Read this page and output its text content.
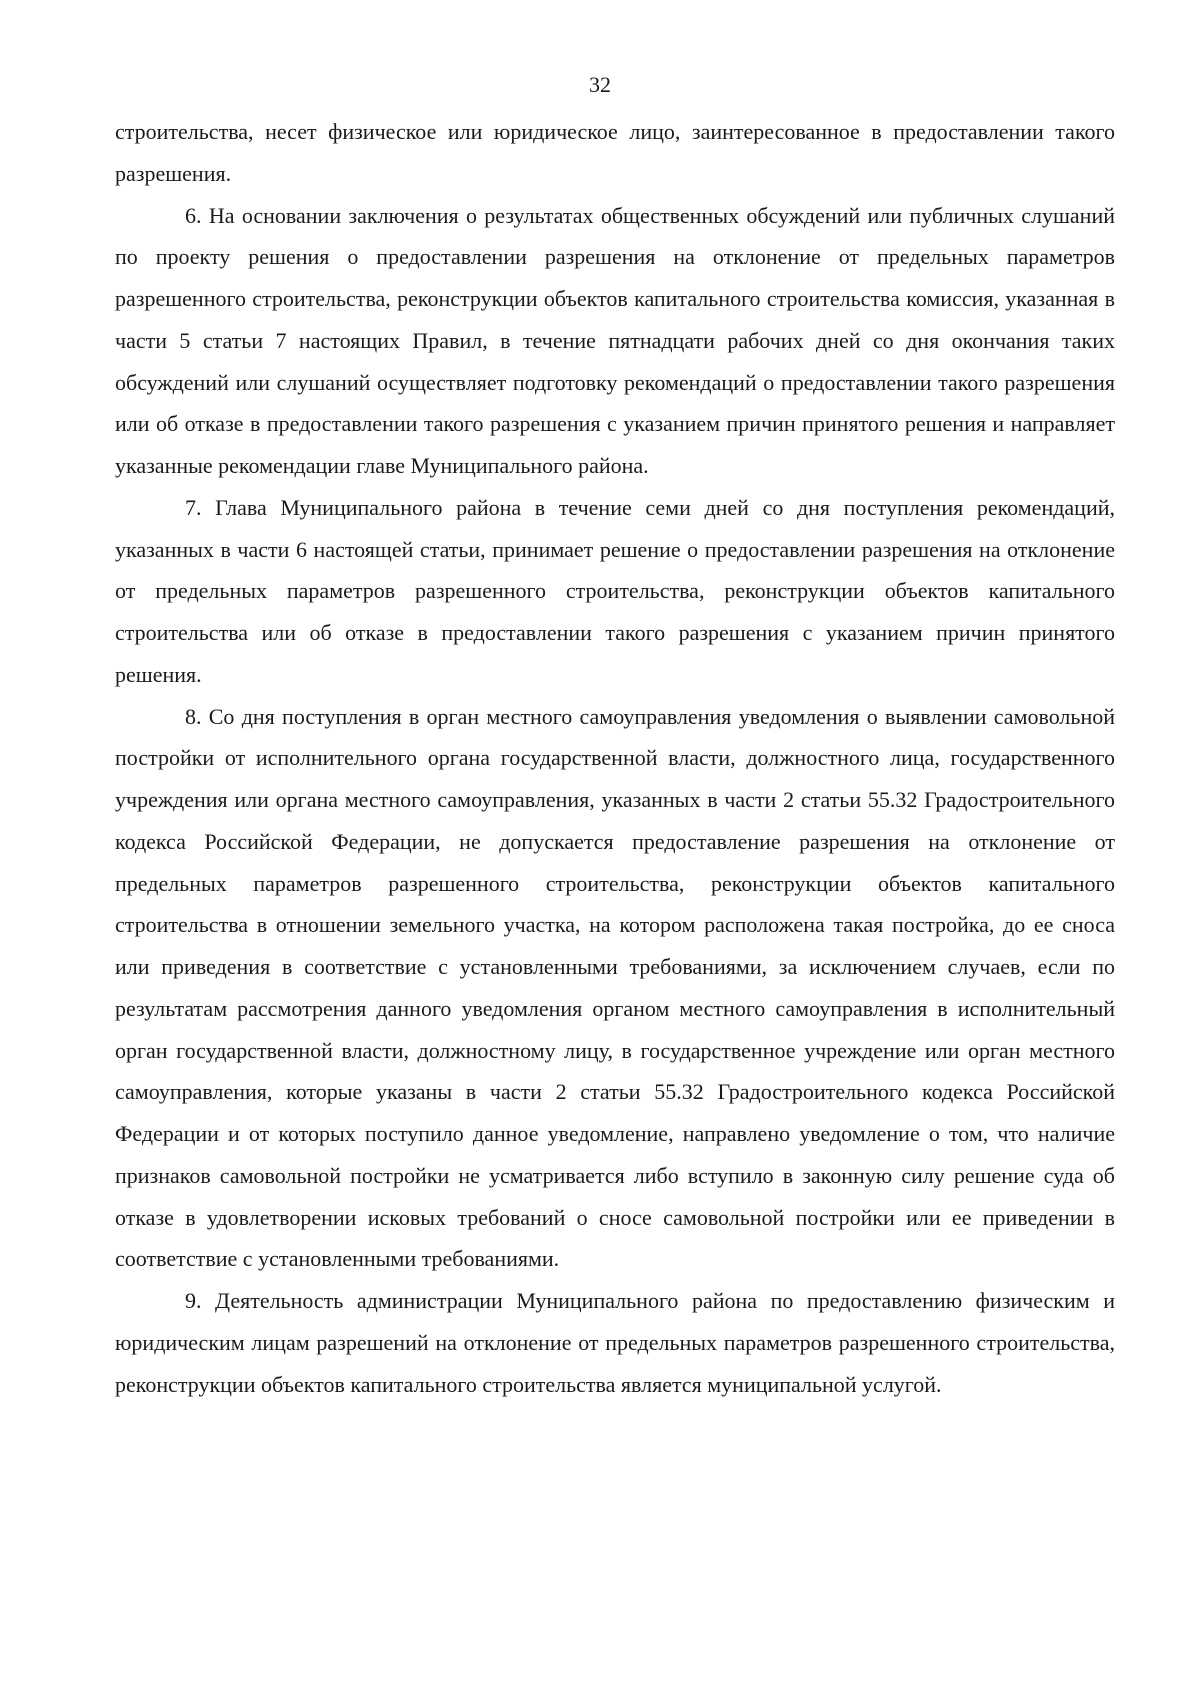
32

строительства, несет физическое или юридическое лицо, заинтересованное в предоставлении такого разрешения.

6. На основании заключения о результатах общественных обсуждений или публичных слушаний по проекту решения о предоставлении разрешения на отклонение от предельных параметров разрешенного строительства, реконструкции объектов капитального строительства комиссия, указанная в части 5 статьи 7 настоящих Правил, в течение пятнадцати рабочих дней со дня окончания таких обсуждений или слушаний осуществляет подготовку рекомендаций о предоставлении такого разрешения или об отказе в предоставлении такого разрешения с указанием причин принятого решения и направляет указанные рекомендации главе Муниципального района.

7. Глава Муниципального района в течение семи дней со дня поступления рекомендаций, указанных в части 6 настоящей статьи, принимает решение о предоставлении разрешения на отклонение от предельных параметров разрешенного строительства, реконструкции объектов капитального строительства или об отказе в предоставлении такого разрешения с указанием причин принятого решения.

8. Со дня поступления в орган местного самоуправления уведомления о выявлении самовольной постройки от исполнительного органа государственной власти, должностного лица, государственного учреждения или органа местного самоуправления, указанных в части 2 статьи 55.32 Градостроительного кодекса Российской Федерации, не допускается предоставление разрешения на отклонение от предельных параметров разрешенного строительства, реконструкции объектов капитального строительства в отношении земельного участка, на котором расположена такая постройка, до ее сноса или приведения в соответствие с установленными требованиями, за исключением случаев, если по результатам рассмотрения данного уведомления органом местного самоуправления в исполнительный орган государственной власти, должностному лицу, в государственное учреждение или орган местного самоуправления, которые указаны в части 2 статьи 55.32 Градостроительного кодекса Российской Федерации и от которых поступило данное уведомление, направлено уведомление о том, что наличие признаков самовольной постройки не усматривается либо вступило в законную силу решение суда об отказе в удовлетворении исковых требований о сносе самовольной постройки или ее приведении в соответствие с установленными требованиями.

9. Деятельность администрации Муниципального района по предоставлению физическим и юридическим лицам разрешений на отклонение от предельных параметров разрешенного строительства, реконструкции объектов капитального строительства является муниципальной услугой.
